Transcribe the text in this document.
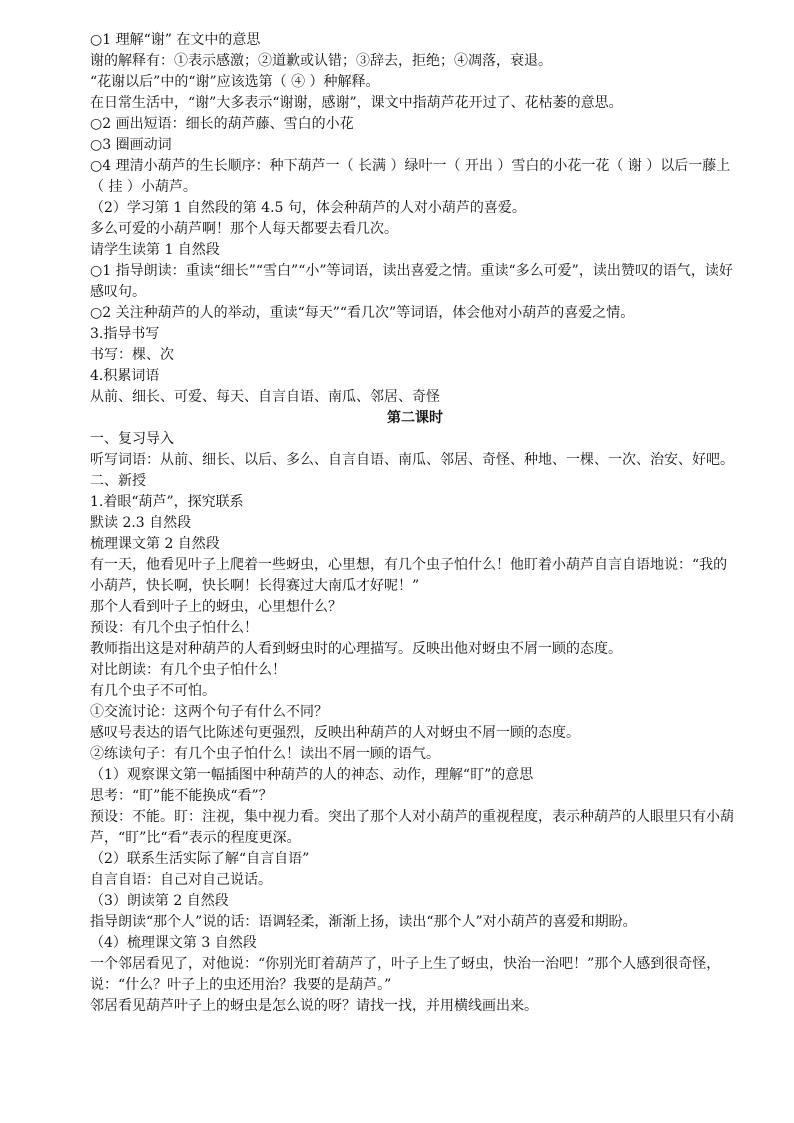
○1 理解“谢” 在文中的意思

谢的解释有：①表示感激；②道歉或认错；③辞去，拒绝；④凋落，衰退。

“花谢以后”中的“谢”应该选第（ ④ ）种解释。

在日常生活中，“谢”大多表示“谢谢，感谢”，课文中指葫芦花开过了、花枯萎的意思。

○2 画出短语：细长的葫芦藤、雪白的小花

○3 圈画动词

○4 理清小葫芦的生长顺序：种下葫芦一（ 长满 ）绿叶一（ 开出 ）雪白的小花一花（ 谢 ）以后一藤上（ 挂 ）小葫芦。

（2）学习第 1 自然段的第 4.5 句，体会种葫芦的人对小葫芦的喜爱。

多么可爱的小葫芦啊！那个人每天都要去看几次。

请学生读第 1 自然段

○1 指导朗读：重读“细长”“雪白”“小”等词语，读出喜爱之情。重读“多么可爱”，读出赞叹的语气，读好感叹句。

○2 关注种葫芦的人的举动，重读“每天”“看几次”等词语，体会他对小葫芦的喜爱之情。

3.指导书写

书写：棵、次

4.积累词语

从前、细长、可爱、每天、自言自语、南瓜、邻居、奇怪

第二课时

一、复习导入

听写词语：从前、细长、以后、多么、自言自语、南瓜、邻居、奇怪、种地、一棵、一次、治安、好吧。

二、新授

1.着眼“葫芦”，探究联系

默读 2.3 自然段

梳理课文第 2 自然段

有一天，他看见叶子上爬着一些蚜虫，心里想，有几个虫子怕什么！他盯着小葫芦自言自语地说：“我的小葫芦，快长啊，快长啊！长得赛过大南瓜才好呢！”

那个人看到叶子上的蚜虫，心里想什么？

预设：有几个虫子怕什么！

教师指出这是对种葫芦的人看到蚜虫时的心理描写。反映出他对蚜虫不屑一顾的态度。

对比朗读：有几个虫子怕什么！

有几个虫子不可怕。

①交流讨论：这两个句子有什么不同？

感叹号表达的语气比陈述句更强烈，反映出种葫芦的人对蚜虫不屑一顾的态度。

②练读句子：有几个虫子怕什么！读出不屑一顾的语气。

（1）观察课文第一幅插图中种葫芦的人的神态、动作，理解“盯”的意思

思考：“盯”能不能换成“看”？

预设：不能。盯：注视，集中视力看。突出了那个人对小葫芦的重视程度，表示种葫芦的人眼里只有小葫芦，“盯”比“看”表示的程度更深。

（2）联系生活实际了解“自言自语”

自言自语：自己对自己说话。

（3）朗读第 2 自然段

指导朗读“那个人”说的话：语调轻柔，渐渐上扬，读出“那个人”对小葫芦的喜爱和期盼。

（4）梳理课文第 3 自然段

一个邻居看见了，对他说：“你别光盯着葫芦了，叶子上生了蚜虫，快治一治吧！”那个人感到很奇怪，说：“什么？叶子上的虫还用治？我要的是葫芦。”

邻居看见葫芦叶子上的蚜虫是怎么说的呀？请找一找，并用横线画出来。
